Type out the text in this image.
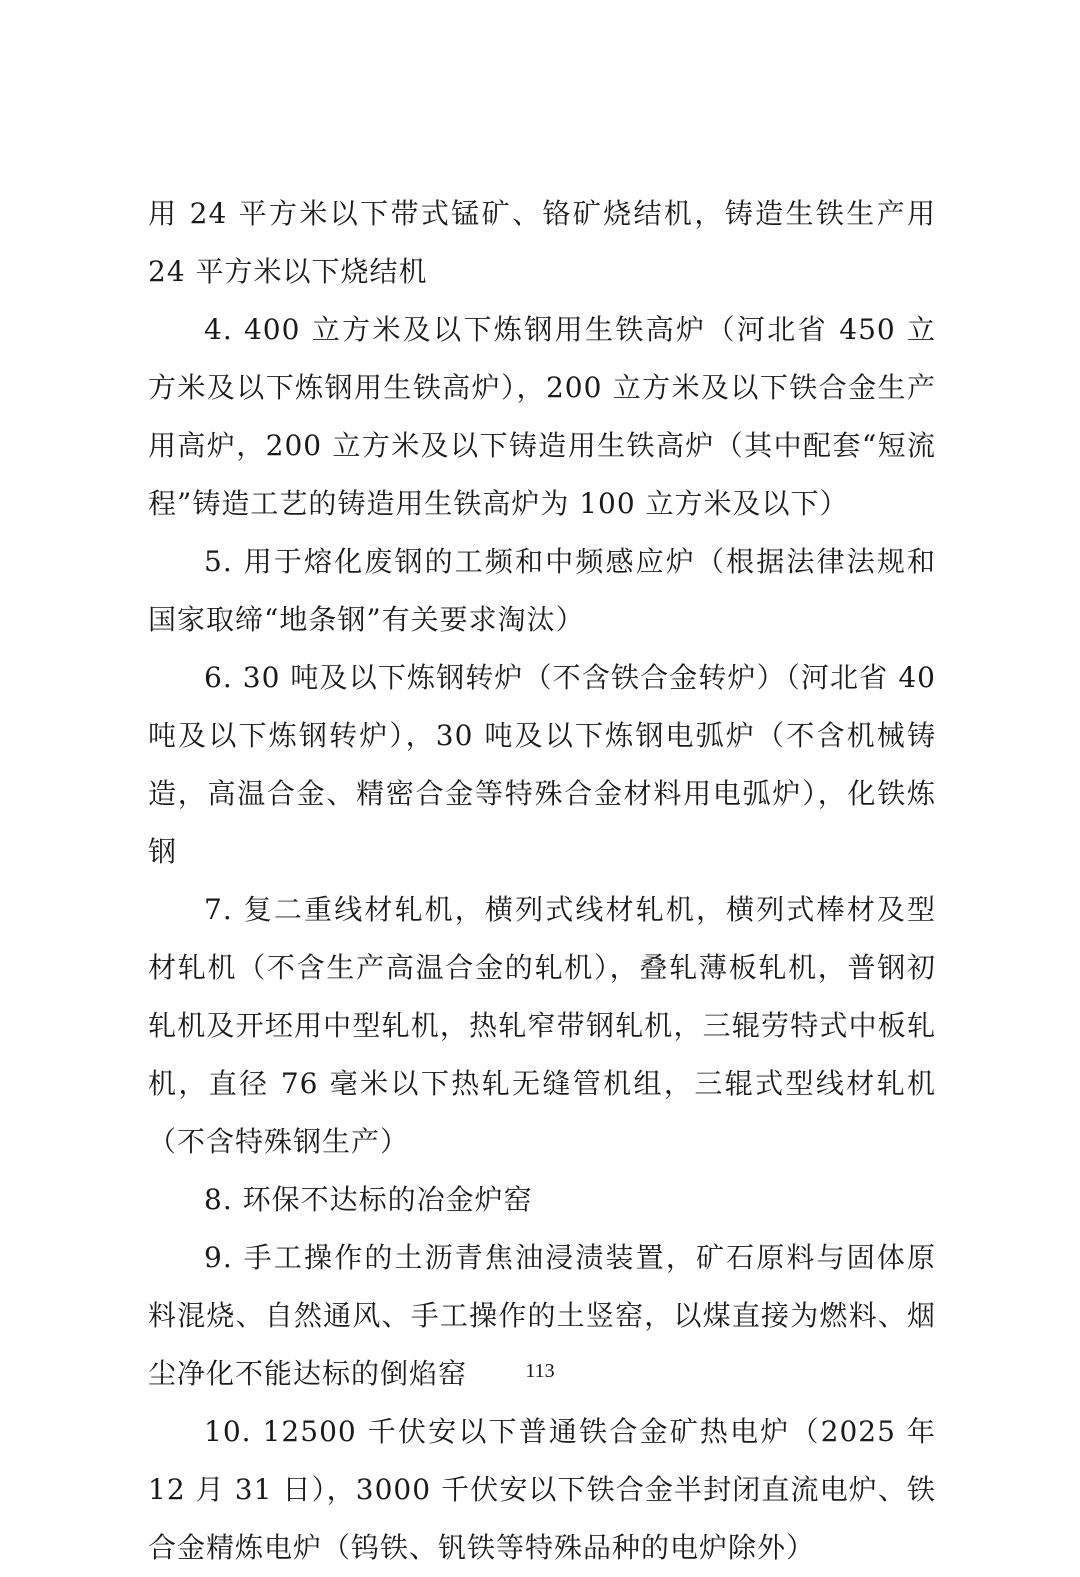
用 24 平方米以下带式锰矿、铬矿烧结机，铸造生铁生产用 24 平方米以下烧结机

4. 400 立方米及以下炼钢用生铁高炉（河北省 450 立方米及以下炼钢用生铁高炉），200 立方米及以下铁合金生产用高炉，200 立方米及以下铸造用生铁高炉（其中配套“短流程”铸造工艺的铸造用生铁高炉为 100 立方米及以下）

5. 用于熔化废钢的工频和中频感应炉（根据法律法规和国家取缔“地条钢”有关要求淘汰）

6. 30 吨及以下炼钢转炉（不含铁合金转炉）（河北省 40 吨及以下炼钢转炉），30 吨及以下炼钢电弧炉（不含机械铸造，高温合金、精密合金等特殊合金材料用电弧炉），化铁炼钢

7. 复二重线材轧机，横列式线材轧机，横列式棒材及型材轧机（不含生产高温合金的轧机），叠轧薄板轧机，普钢初轧机及开坯用中型轧机，热轧窄带钢轧机，三辊劳特式中板轧机，直径 76 毫米以下热轧无缝管机组，三辊式型线材轧机（不含特殊钢生产）

8. 环保不达标的冶金炉窑

9. 手工操作的土沥青焦油浸渍装置，矿石原料与固体原料混烧、自然通风、手工操作的土竖窑，以煤直接为燃料、烟尘净化不能达标的倒焰窑

10. 12500 千伏安以下普通铁合金矿热电炉（2025 年 12 月 31 日），3000 千伏安以下铁合金半封闭直流电炉、铁合金精炼电炉（钨铁、钒铁等特殊品种的电炉除外）

113
